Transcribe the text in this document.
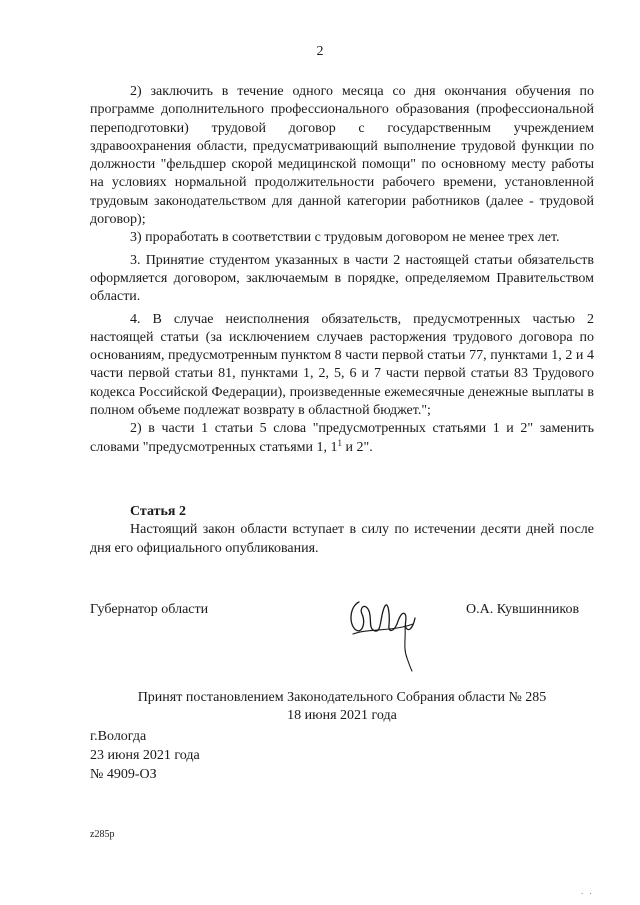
2

2) заключить в течение одного месяца со дня окончания обучения по программе дополнительного профессионального образования (профессиональной переподготовки) трудовой договор с государственным учреждением здравоохранения области, предусматривающий выполнение трудовой функции по должности "фельдшер скорой медицинской помощи" по основному месту работы на условиях нормальной продолжительности рабочего времени, установленной трудовым законодательством для данной категории работников (далее - трудовой договор);

3) проработать в соответствии с трудовым договором не менее трех лет.

3. Принятие студентом указанных в части 2 настоящей статьи обязательств оформляется договором, заключаемым в порядке, определяемом Правительством области.

4. В случае неисполнения обязательств, предусмотренных частью 2 настоящей статьи (за исключением случаев расторжения трудового договора по основаниям, предусмотренным пунктом 8 части первой статьи 77, пунктами 1, 2 и 4 части первой статьи 81, пунктами 1, 2, 5, 6 и 7 части первой статьи 83 Трудового кодекса Российской Федерации), произведенные ежемесячные денежные выплаты в полном объеме подлежат возврату в областной бюджет.";

2) в части 1 статьи 5 слова "предусмотренных статьями 1 и 2" заменить словами "предусмотренных статьями 1, $1^1$ и 2".

Статья 2

Настоящий закон области вступает в силу по истечении десяти дней после дня его официального опубликования.

Губернатор области	О.А. Кувшинников
Принят постановлением Законодательного Собрания области № 285
18 июня 2021 года
г.Вологда
23 июня 2021 года
№ 4909-ОЗ
z285p
. .
